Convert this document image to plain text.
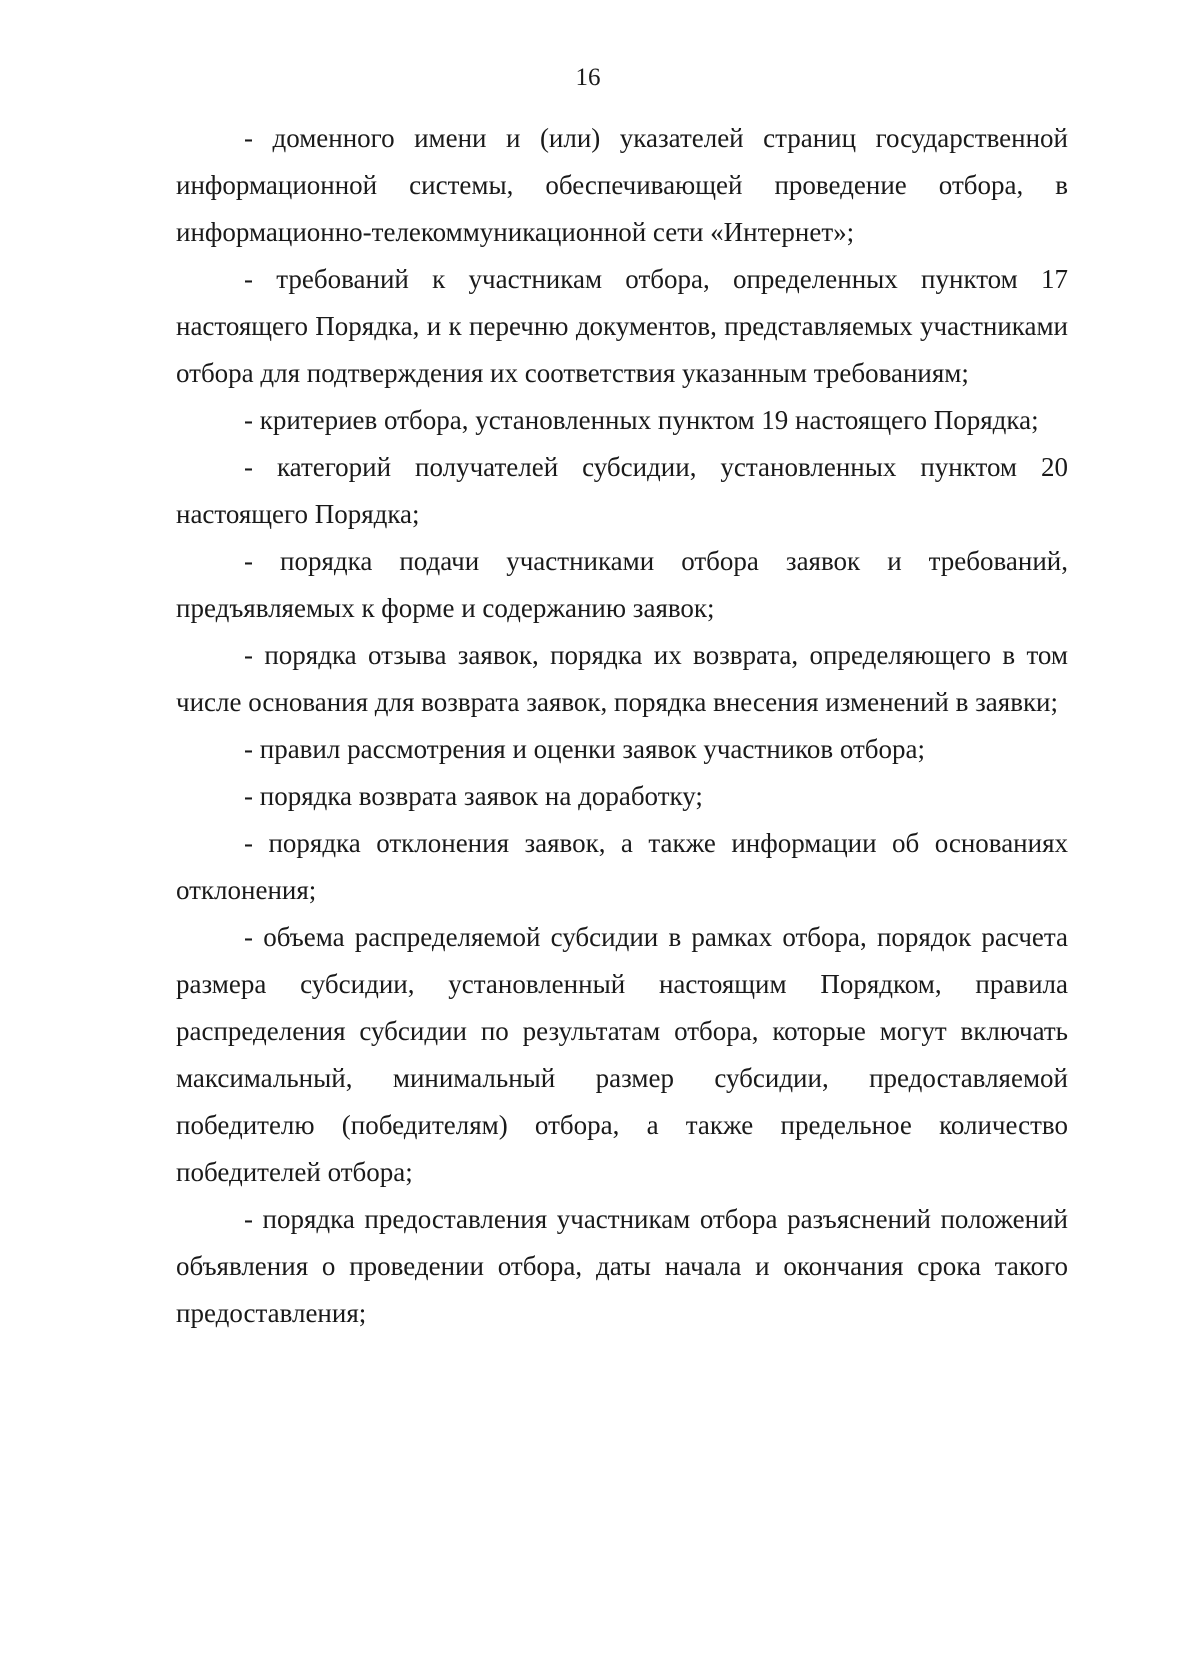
16

- доменного имени и (или) указателей страниц государственной информационной системы, обеспечивающей проведение отбора, в информационно-телекоммуникационной сети «Интернет»;

- требований к участникам отбора, определенных пунктом 17 настоящего Порядка, и к перечню документов, представляемых участниками отбора для подтверждения их соответствия указанным требованиям;

- критериев отбора, установленных пунктом 19 настоящего Порядка;

- категорий получателей субсидии, установленных пунктом 20 настоящего Порядка;

- порядка подачи участниками отбора заявок и требований, предъявляемых к форме и содержанию заявок;

- порядка отзыва заявок, порядка их возврата, определяющего в том числе основания для возврата заявок, порядка внесения изменений в заявки;

- правил рассмотрения и оценки заявок участников отбора;

- порядка возврата заявок на доработку;

- порядка отклонения заявок, а также информации об основаниях отклонения;

- объема распределяемой субсидии в рамках отбора, порядок расчета размера субсидии, установленный настоящим Порядком, правила распределения субсидии по результатам отбора, которые могут включать максимальный, минимальный размер субсидии, предоставляемой победителю (победителям) отбора, а также предельное количество победителей отбора;

- порядка предоставления участникам отбора разъяснений положений объявления о проведении отбора, даты начала и окончания срока такого предоставления;
